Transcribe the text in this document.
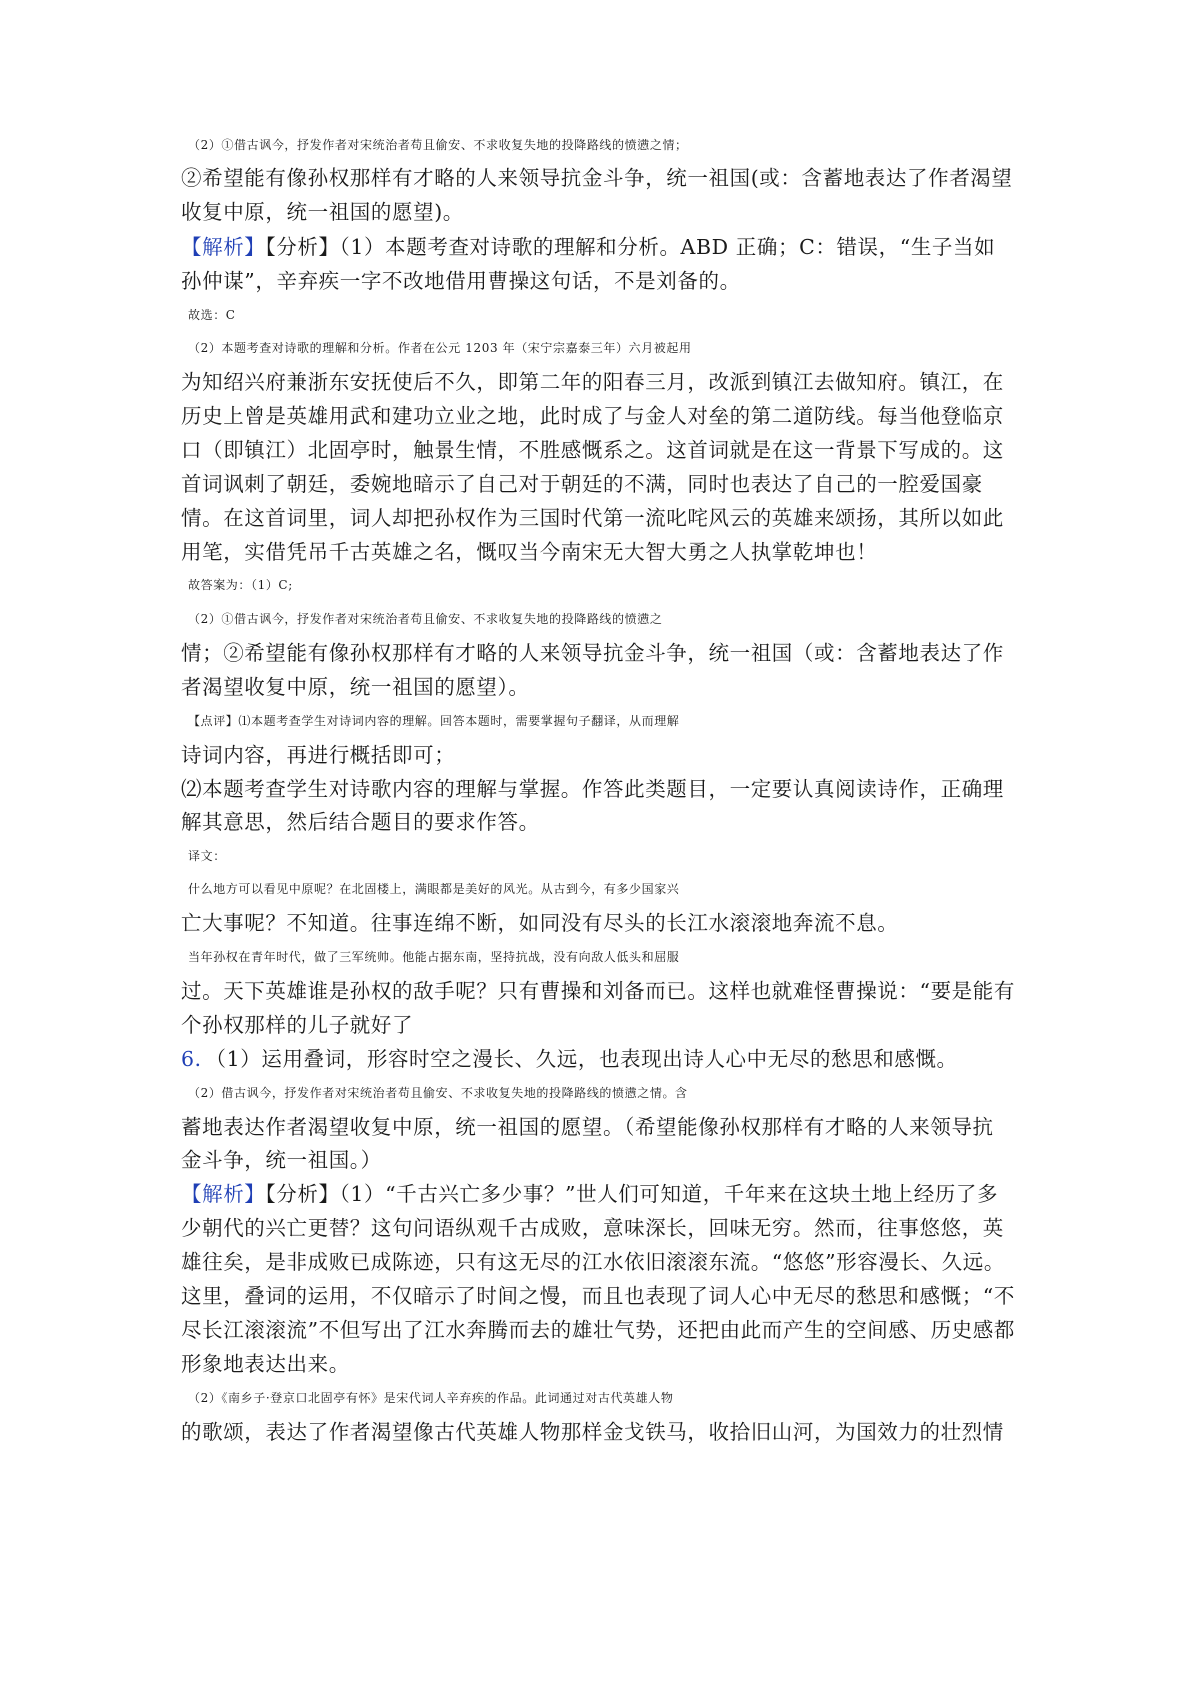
（2）①借古讽今，抒发作者对宋统治者苟且偷安、不求收复失地的投降路线的愤懑之情；
②希望能有像孙权那样有才略的人来领导抗金斗争，统一祖国(或：含蓄地表达了作者渴望
收复中原，统一祖国的愿望)。
【解析】【分析】（1）本题考查对诗歌的理解和分析。ABD 正确；C：错误，“生子当如
孙仲谋”，辛弃疾一字不改地借用曹操这句话，不是刘备的。
故选：C
（2）本题考查对诗歌的理解和分析。作者在公元 1203 年（宋宁宗嘉泰三年）六月被起用
为知绍兴府兼浙东安抚使后不久，即第二年的阳春三月，改派到镇江去做知府。镇江，在
历史上曾是英雄用武和建功立业之地，此时成了与金人对垒的第二道防线。每当他登临京
口（即镇江）北固亭时，触景生情，不胜感慨系之。这首词就是在这一背景下写成的。这
首词讽刺了朝廷，委婉地暗示了自己对于朝廷的不满，同时也表达了自己的一腔爱国豪
情。在这首词里，词人却把孙权作为三国时代第一流叱咤风云的英雄来颂扬，其所以如此
用笔，实借凭吊千古英雄之名，慨叹当今南宋无大智大勇之人执掌乾坤也！
故答案为：（1）C;
（2）①借古讽今，抒发作者对宋统治者苟且偷安、不求收复失地的投降路线的愤懑之
情；②希望能有像孙权那样有才略的人来领导抗金斗争，统一祖国（或：含蓄地表达了作
者渴望收复中原，统一祖国的愿望）。
【点评】⑴本题考查学生对诗词内容的理解。回答本题时，需要掌握句子翻译，从而理解
诗词内容，再进行概括即可；
⑵本题考查学生对诗歌内容的理解与掌握。作答此类题目，一定要认真阅读诗作，正确理
解其意思，然后结合题目的要求作答。
译文：
什么地方可以看见中原呢？在北固楼上，满眼都是美好的风光。从古到今，有多少国家兴
亡大事呢？不知道。往事连绵不断，如同没有尽头的长江水滚滚地奔流不息。
当年孙权在青年时代，做了三军统帅。他能占据东南，坚持抗战，没有向敌人低头和屈服
过。天下英雄谁是孙权的敌手呢？只有曹操和刘备而已。这样也就难怪曹操说：“要是能有
个孙权那样的儿子就好了
6．（1）运用叠词，形容时空之漫长、久远，也表现出诗人心中无尽的愁思和感慨。
（2）借古讽今，抒发作者对宋统治者苟且偷安、不求收复失地的投降路线的愤懑之情。含
蓄地表达作者渴望收复中原，统一祖国的愿望。（希望能像孙权那样有才略的人来领导抗
金斗争，统一祖国。）
【解析】【分析】（1）“千古兴亡多少事？”世人们可知道，千年来在这块土地上经历了多
少朝代的兴亡更替？这句问语纵观千古成败，意味深长，回味无穷。然而，往事悠悠，英
雄往矣，是非成败已成陈迹，只有这无尽的江水依旧滚滚东流。“悠悠”形容漫长、久远。
这里，叠词的运用，不仅暗示了时间之慢，而且也表现了词人心中无尽的愁思和感慨；“不
尽长江滚滚流”不但写出了江水奔腾而去的雄壮气势，还把由此而产生的空间感、历史感都
形象地表达出来。
（2）《南乡子·登京口北固亭有怀》是宋代词人辛弃疾的作品。此词通过对古代英雄人物
的歌颂，表达了作者渴望像古代英雄人物那样金戈铁马，收拾旧山河，为国效力的壮烈情
